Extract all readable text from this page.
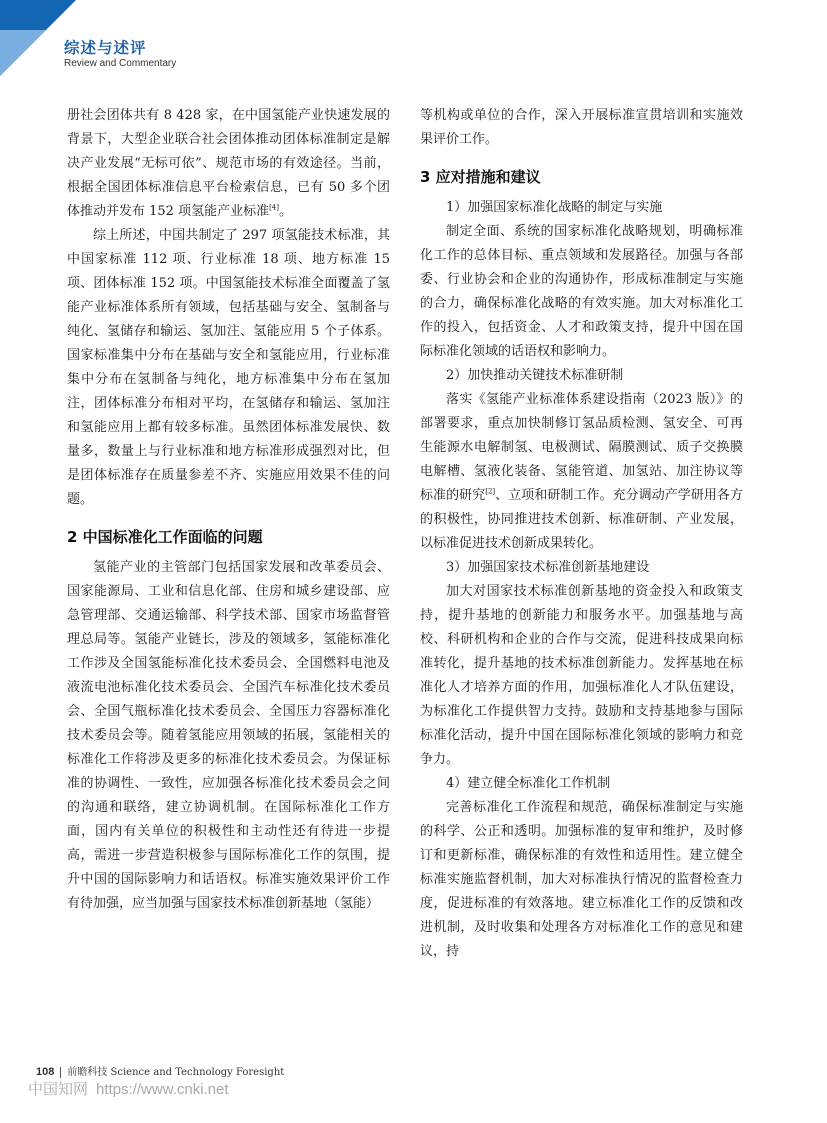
综述与述评
Review and Commentary

册社会团体共有 8 428 家，在中国氢能产业快速发展的背景下，大型企业联合社会团体推动团体标准制定是解决产业发展“无标可依”、规范市场的有效途径。当前，根据全国团体标准信息平台检索信息，已有 50 多个团体推动并发布 152 项氢能产业标准[4]。

综上所述，中国共制定了 297 项氢能技术标准，其中国家标准 112 项、行业标准 18 项、地方标准 15 项、团体标准 152 项。中国氢能技术标准全面覆盖了氢能产业标准体系所有领域，包括基础与安全、氢制备与纯化、氢储存和输运、氢加注、氢能应用 5 个子体系。国家标准集中分布在基础与安全和氢能应用，行业标准集中分布在氢制备与纯化，地方标准集中分布在氢加注，团体标准分布相对平均，在氢储存和输运、氢加注和氢能应用上都有较多标准。虽然团体标准发展快、数量多，数量上与行业标准和地方标准形成强烈对比，但是团体标准存在质量参差不齐、实施应用效果不佳的问题。

2 中国标准化工作面临的问题

氢能产业的主管部门包括国家发展和改革委员会、国家能源局、工业和信息化部、住房和城乡建设部、应急管理部、交通运输部、科学技术部、国家市场监督管理总局等。氢能产业链长，涉及的领域多，氢能标准化工作涉及全国氢能标准化技术委员会、全国燃料电池及液流电池标准化技术委员会、全国汽车标准化技术委员会、全国气瓶标准化技术委员会、全国压力容器标准化技术委员会等。随着氢能应用领域的拓展，氢能相关的标准化工作将涉及更多的标准化技术委员会。为保证标准的协调性、一致性，应加强各标准化技术委员会之间的沟通和联络，建立协调机制。在国际标准化工作方面，国内有关单位的积极性和主动性还有待进一步提高，需进一步营造积极参与国际标准化工作的氛围，提升中国的国际影响力和话语权。标准实施效果评价工作有待加强，应当加强与国家技术标准创新基地（氢能）

等机构或单位的合作，深入开展标准宣贯培训和实施效果评价工作。

3 应对措施和建议

1）加强国家标准化战略的制定与实施

制定全面、系统的国家标准化战略规划，明确标准化工作的总体目标、重点领域和发展路径。加强与各部委、行业协会和企业的沟通协作，形成标准制定与实施的合力，确保标准化战略的有效实施。加大对标准化工作的投入，包括资金、人才和政策支持，提升中国在国际标准化领域的话语权和影响力。

2）加快推动关键技术标准研制

落实《氢能产业标准体系建设指南（2023 版）》的部署要求，重点加快制修订氢品质检测、氢安全、可再生能源水电解制氢、电极测试、隔膜测试、质子交换膜电解槽、氢液化装备、氢能管道、加氢站、加注协议等标准的研究[2]、立项和研制工作。充分调动产学研用各方的积极性，协同推进技术创新、标准研制、产业发展，以标准促进技术创新成果转化。

3）加强国家技术标准创新基地建设

加大对国家技术标准创新基地的资金投入和政策支持，提升基地的创新能力和服务水平。加强基地与高校、科研机构和企业的合作与交流，促进科技成果向标准转化，提升基地的技术标准创新能力。发挥基地在标准化人才培养方面的作用，加强标准化人才队伍建设，为标准化工作提供智力支持。鼓励和支持基地参与国际标准化活动，提升中国在国际标准化领域的影响力和竞争力。

4）建立健全标准化工作机制

完善标准化工作流程和规范，确保标准制定与实施的科学、公正和透明。加强标准的复审和维护，及时修订和更新标准，确保标准的有效性和适用性。建立健全标准实施监督机制，加大对标准执行情况的监督检查力度，促进标准的有效落地。建立标准化工作的反馈和改进机制，及时收集和处理各方对标准化工作的意见和建议，持

108 前瞻科技 Science and Technology Foresight
中国知网 https://www.cnki.net
